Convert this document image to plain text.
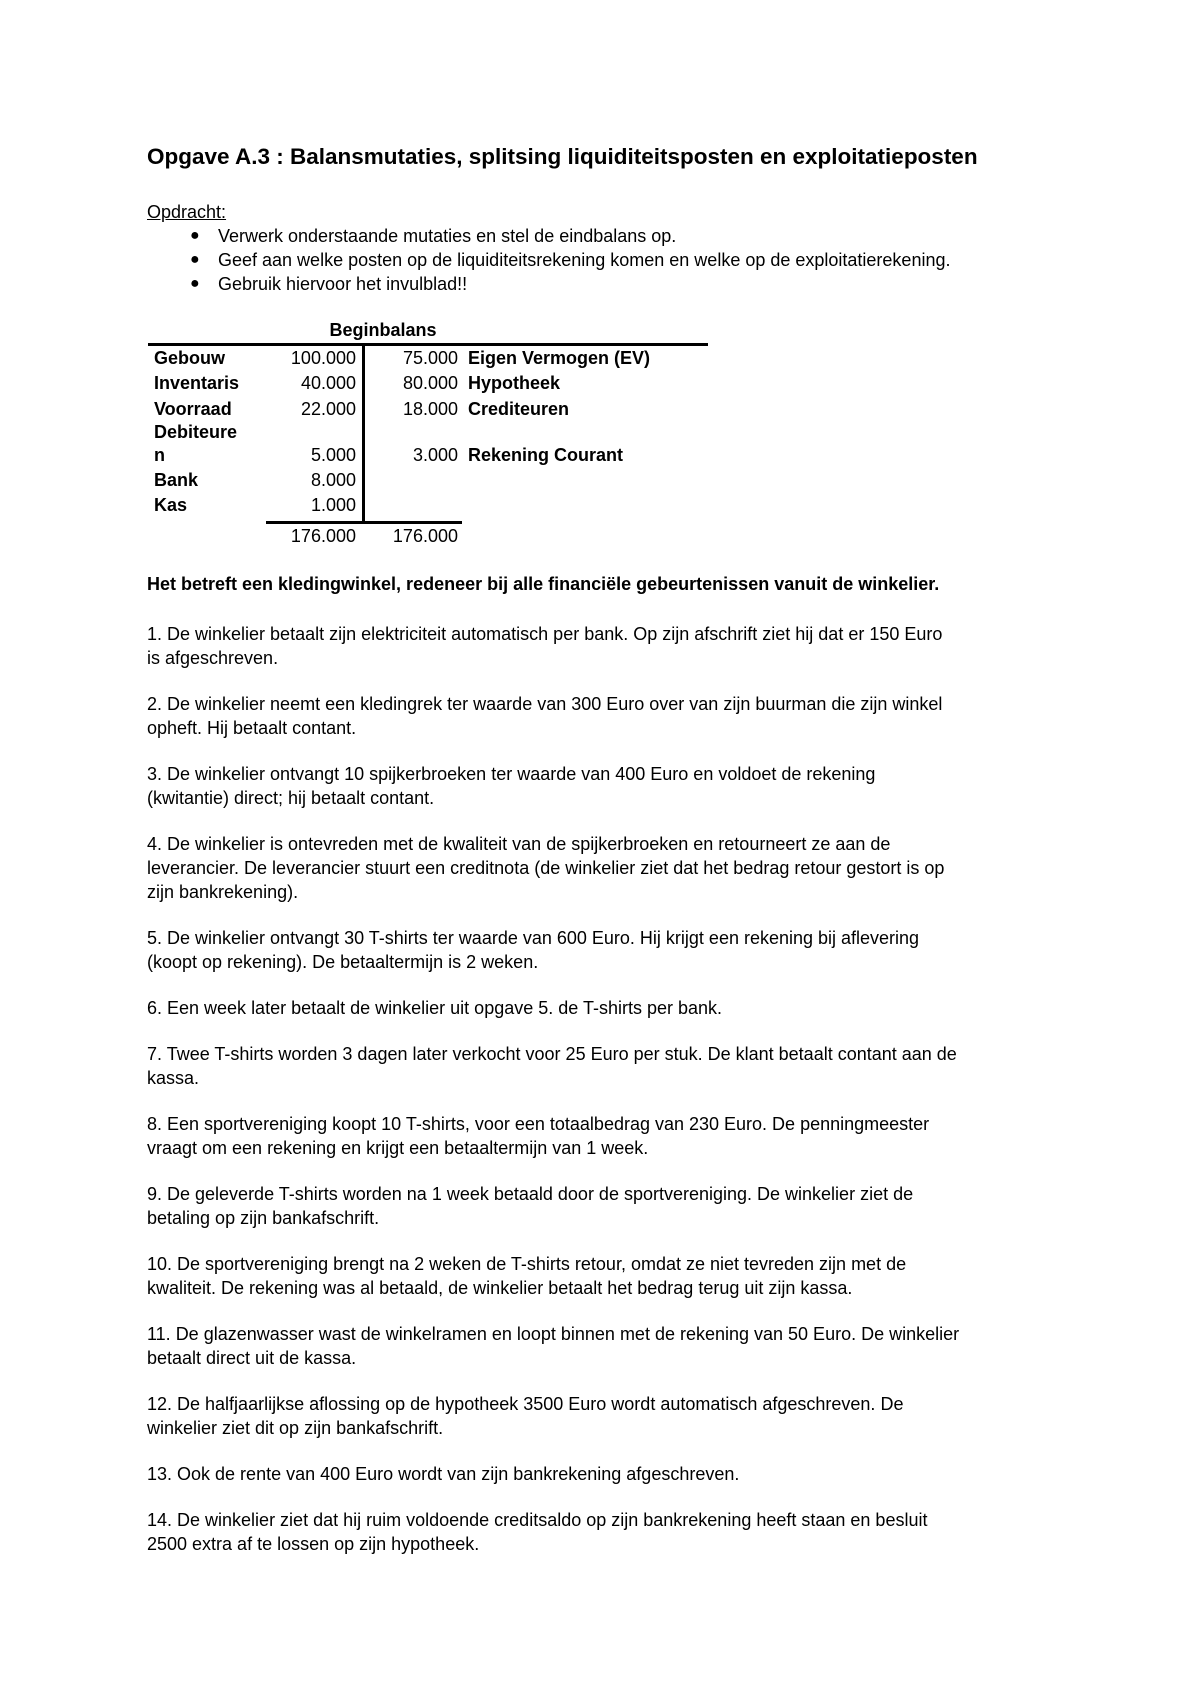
Opgave A.3 : Balansmutaties, splitsing liquiditeitsposten en exploitatieposten
Opdracht:
● Verwerk onderstaande mutaties en stel de eindbalans op.
● Geef aan welke posten op de liquiditeitsrekening komen en welke op de exploitatierekening.
● Gebruik hiervoor het invulblad!!
Beginbalans
Gebouw	100.000	75.000 Eigen Vermogen (EV)
Inventaris	40.000	80.000 Hypotheek
Voorraad	22.000	18.000 Crediteuren
Debiteure
n	5.000	3.000 Rekening Courant
Bank	8.000
Kas	1.000
176.000	176.000
Het betreft een kledingwinkel, redeneer bij alle financiële gebeurtenissen vanuit de winkelier.
1. De winkelier betaalt zijn elektriciteit automatisch per bank. Op zijn afschrift ziet hij dat er 150 Euro
is afgeschreven.
2. De winkelier neemt een kledingrek ter waarde van 300 Euro over van zijn buurman die zijn winkel
opheft. Hij betaalt contant.
3. De winkelier ontvangt 10 spijkerbroeken ter waarde van 400 Euro en voldoet de rekening
(kwitantie) direct; hij betaalt contant.
4. De winkelier is ontevreden met de kwaliteit van de spijkerbroeken en retourneert ze aan de
leverancier. De leverancier stuurt een creditnota (de winkelier ziet dat het bedrag retour gestort is op
zijn bankrekening).
5. De winkelier ontvangt 30 T-shirts ter waarde van 600 Euro. Hij krijgt een rekening bij aflevering
(koopt op rekening). De betaaltermijn is 2 weken.
6. Een week later betaalt de winkelier uit opgave 5. de T-shirts per bank.
7. Twee T-shirts worden 3 dagen later verkocht voor 25 Euro per stuk. De klant betaalt contant aan de
kassa.
8. Een sportvereniging koopt 10 T-shirts, voor een totaalbedrag van 230 Euro. De penningmeester
vraagt om een rekening en krijgt een betaaltermijn van 1 week.
9. De geleverde T-shirts worden na 1 week betaald door de sportvereniging. De winkelier ziet de
betaling op zijn bankafschrift.
10. De sportvereniging brengt na 2 weken de T-shirts retour, omdat ze niet tevreden zijn met de
kwaliteit. De rekening was al betaald, de winkelier betaalt het bedrag terug uit zijn kassa.
11. De glazenwasser wast de winkelramen en loopt binnen met de rekening van 50 Euro. De winkelier
betaalt direct uit de kassa.
12. De halfjaarlijkse aflossing op de hypotheek 3500 Euro wordt automatisch afgeschreven. De
winkelier ziet dit op zijn bankafschrift.
13. Ook de rente van 400 Euro wordt van zijn bankrekening afgeschreven.
14. De winkelier ziet dat hij ruim voldoende creditsaldo op zijn bankrekening heeft staan en besluit
2500 extra af te lossen op zijn hypotheek.
